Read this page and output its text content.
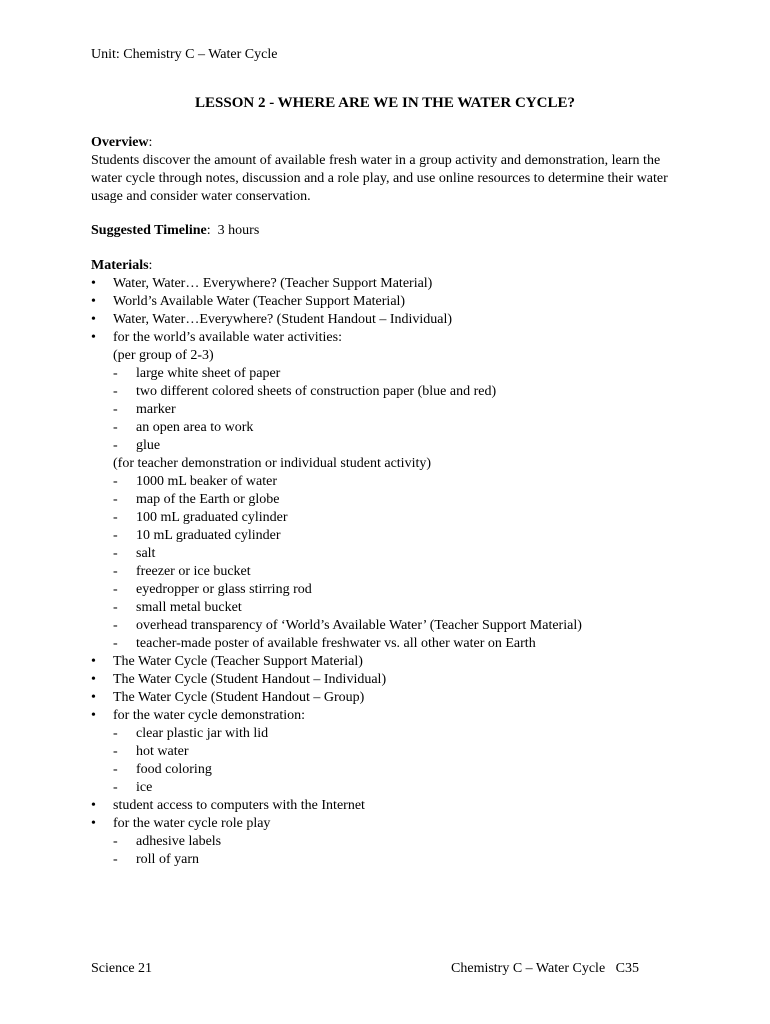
Unit: Chemistry C – Water Cycle
LESSON 2 - WHERE ARE WE IN THE WATER CYCLE?
Overview:
Students discover the amount of available fresh water in a group activity and demonstration, learn the water cycle through notes, discussion and a role play, and use online resources to determine their water usage and consider water conservation.
Suggested Timeline:  3 hours
Materials:
• Water, Water… Everywhere? (Teacher Support Material)
• World’s Available Water (Teacher Support Material)
• Water, Water…Everywhere? (Student Handout – Individual)
• for the world’s available water activities:
(per group of 2-3)
- large white sheet of paper
- two different colored sheets of construction paper (blue and red)
- marker
- an open area to work
- glue
(for teacher demonstration or individual student activity)
- 1000 mL beaker of water
- map of the Earth or globe
- 100 mL graduated cylinder
- 10 mL graduated cylinder
- salt
- freezer or ice bucket
- eyedropper or glass stirring rod
- small metal bucket
- overhead transparency of ‘World’s Available Water’ (Teacher Support Material)
- teacher-made poster of available freshwater vs. all other water on Earth
• The Water Cycle (Teacher Support Material)
• The Water Cycle (Student Handout – Individual)
• The Water Cycle (Student Handout – Group)
• for the water cycle demonstration:
- clear plastic jar with lid
- hot water
- food coloring
- ice
• student access to computers with the Internet
• for the water cycle role play
- adhesive labels
- roll of yarn
Science 21	Chemistry C – Water Cycle   C35
